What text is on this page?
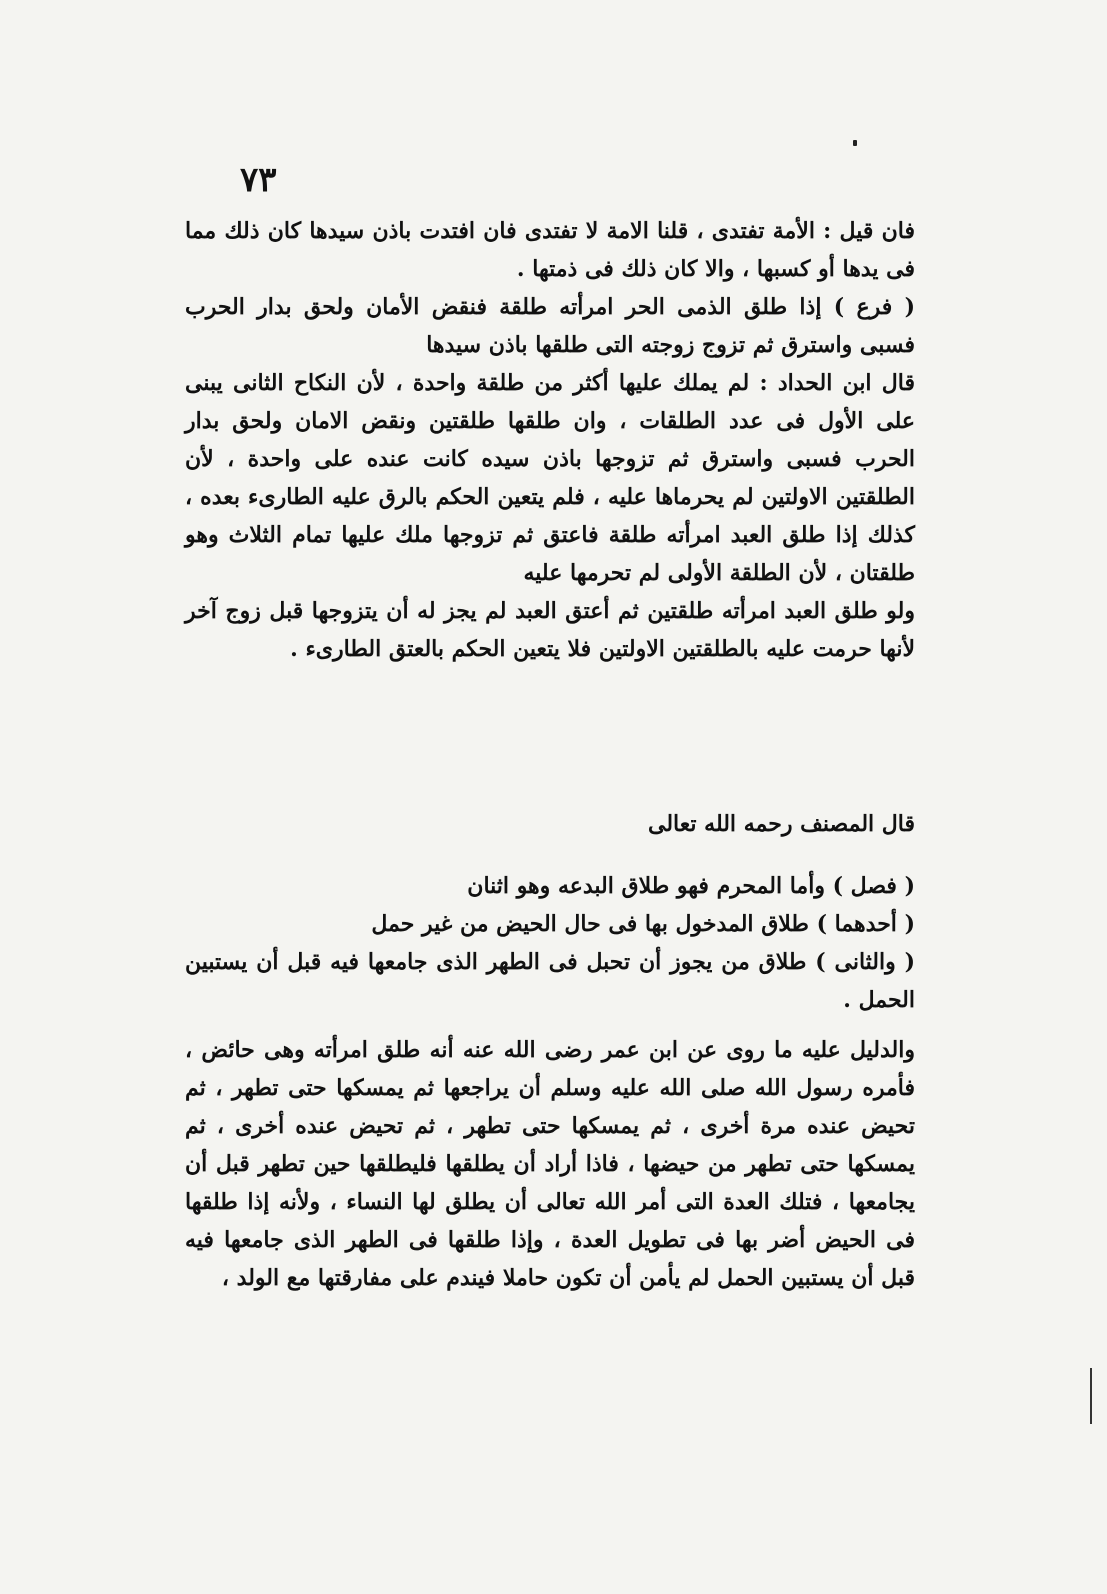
٧٣

فان قيل : الأمة تفتدى ، قلنا الامة لا تفتدى فان افتدت باذن سيدها كان ذلك مما فى يدها أو كسبها ، والا كان ذلك فى ذمتها .

( فرع ) إذا طلق الذمى الحر امرأته طلقة فنقض الأمان ولحق بدار الحرب فسبى واسترق ثم تزوج زوجته التى طلقها باذن سيدها

قال ابن الحداد : لم يملك عليها أكثر من طلقة واحدة ، لأن النكاح الثانى يبنى على الأول فى عدد الطلقات ، وان طلقها طلقتين ونقض الامان ولحق بدار الحرب فسبى واسترق ثم تزوجها باذن سيده كانت عنده على واحدة ، لأن الطلقتين الاولتين لم يحرماها عليه ، فلم يتعين الحكم بالرق عليه الطارىء بعده ، كذلك إذا طلق العبد امرأته طلقة فاعتق ثم تزوجها ملك عليها تمام الثلاث وهو طلقتان ، لأن الطلقة الأولى لم تحرمها عليه

ولو طلق العبد امرأته طلقتين ثم أعتق العبد لم يجز له أن يتزوجها قبل زوج آخر لأنها حرمت عليه بالطلقتين الاولتين فلا يتعين الحكم بالعتق الطارىء .

قال المصنف رحمه الله تعالى

( فصل ) وأما المحرم فهو طلاق البدعه وهو اثنان

( أحدهما ) طلاق المدخول بها فى حال الحيض من غير حمل

( والثانى ) طلاق من يجوز أن تحبل فى الطهر الذى جامعها فيه قبل أن يستبين الحمل .

والدليل عليه ما روى عن ابن عمر رضى الله عنه أنه طلق امرأته وهى حائض ، فأمره رسول الله صلى الله عليه وسلم أن يراجعها ثم يمسكها حتى تطهر ، ثم تحيض عنده مرة أخرى ، ثم يمسكها حتى تطهر ، ثم تحيض عنده أخرى ، ثم يمسكها حتى تطهر من حيضها ، فاذا أراد أن يطلقها فليطلقها حين تطهر قبل أن يجامعها ، فتلك العدة التى أمر الله تعالى أن يطلق لها النساء ، ولأنه إذا طلقها فى الحيض أضر بها فى تطويل العدة ، وإذا طلقها فى الطهر الذى جامعها فيه قبل أن يستبين الحمل لم يأمن أن تكون حاملا فيندم على مفارقتها مع الولد ،
